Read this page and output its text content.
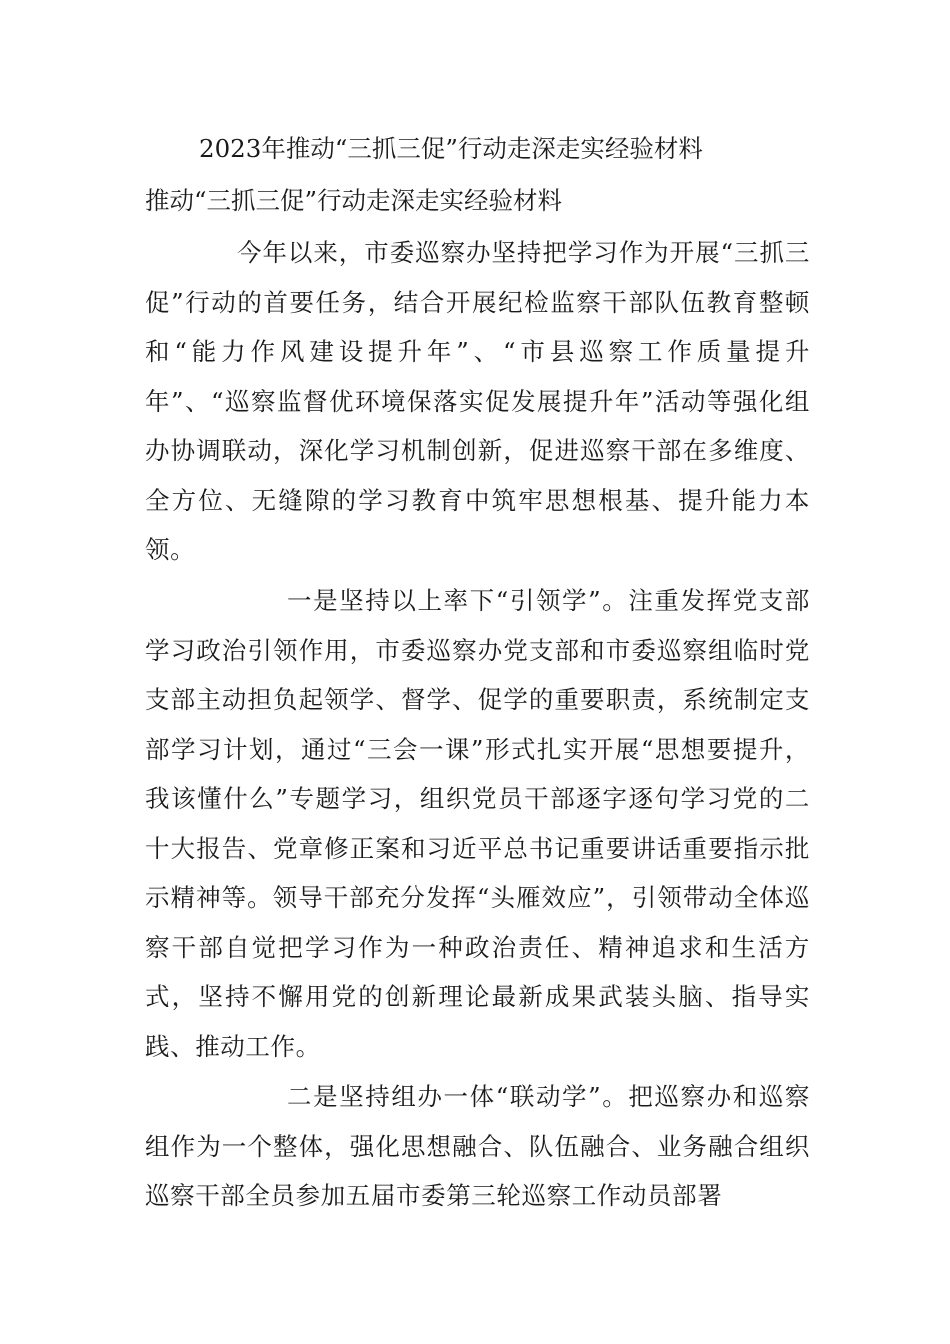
2023年推动“三抓三促”行动走深走实经验材料
推动“三抓三促”行动走深走实经验材料

今年以来，市委巡察办坚持把学习作为开展“三抓三促”行动的首要任务，结合开展纪检监察干部队伍教育整顿和“能力作风建设提升年”、“市县巡察工作质量提升年”、“巡察监督优环境保落实促发展提升年”活动等强化组办协调联动，深化学习机制创新，促进巡察干部在多维度、全方位、无缝隙的学习教育中筑牢思想根基、提升能力本领。

一是坚持以上率下“引领学”。注重发挥党支部学习政治引领作用，市委巡察办党支部和市委巡察组临时党支部主动担负起领学、督学、促学的重要职责，系统制定支部学习计划，通过“三会一课”形式扎实开展“思想要提升，我该懂什么”专题学习，组织党员干部逐字逐句学习党的二十大报告、党章修正案和习近平总书记重要讲话重要指示批示精神等。领导干部充分发挥“头雁效应”，引领带动全体巡察干部自觉把学习作为一种政治责任、精神追求和生活方式，坚持不懈用党的创新理论最新成果武装头脑、指导实践、推动工作。

二是坚持组办一体“联动学”。把巡察办和巡察组作为一个整体，强化思想融合、队伍融合、业务融合组织巡察干部全员参加五届市委第三轮巡察工作动员部署
